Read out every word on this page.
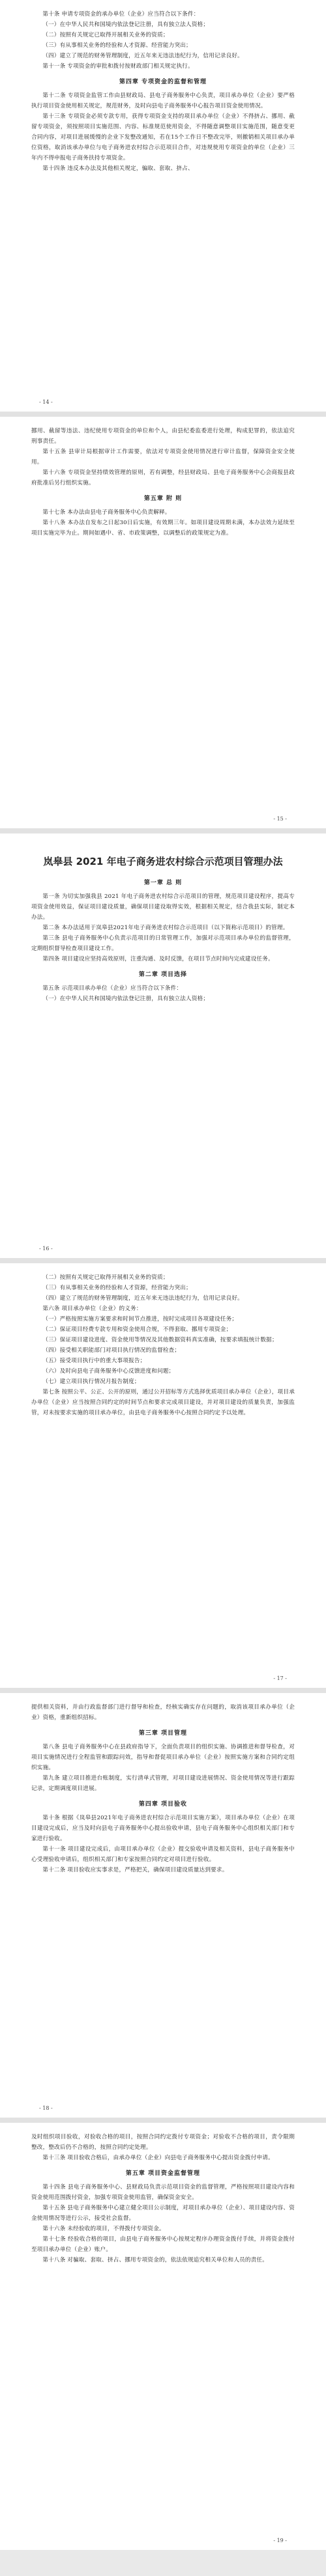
第十条 申请专项资金的承办单位（企业）应当符合以下条件：

（一）在中华人民共和国境内依法登记注册，具有独立法人资格；

（二）按照有关规定已取得开展相关业务的资质；

（三）有从事相关业务的经验和人才资源、经营能力突出；

（四）建立了规范的财务管理制度，近五年来无违法违纪行为，信用记录良好。

第十一条 专项资金的审批和拨付按财政部门相关规定执行。

第四章 专项资金的监督和管理

第十二条 专项资金监管工作由县财政局、县电子商务服务中心负责，项目承办单位（企业）要严格执行项目资金使用相关规定，规范财务，及时向县电子商务服务中心报告项目资金使用情况。

第十三条 专项资金必须专款专用，获得专项资金支持的项目承办单位（企业）不得挤占、挪用、截留专项资金，须按照项目实施范围、内容、标准规范使用资金，不得随意调整项目实施范围，随意变更合同内容，对项目进展缓慢的企业下发整改通知，若在15个工作日不整改完毕，则撤销相关项目承办单位资格，取消该承办单位与电子商务进农村综合示范项目合作，对违规使用专项资金的单位（企业）三年内不得申报电子商务扶持专项资金。

第十四条 违反本办法及其他相关规定，骗取、套取、挤占、

- 14 -

挪用、截留等违法、违纪使用专项资金的单位和个人，由县纪委监委进行处理，构成犯罪的，依法追究刑事责任。

第十五条 县审计局根据审计工作需要，依法对专项资金使用情况进行审计监督，保障资金安全使用。

第十六条 专项资金坚持绩效管理的原则，若有调整，经县财政局、县电子商务服务中心会商报县政府批准后另行组织实施。

第五章 附 则

第十七条 本办法由县电子商务服务中心负责解释。

第十八条 本办法自发布之日起30日后实施，有效期三年。如项目建设周期未满，本办法效力延续至项目实施完毕为止。期间如遇中、省、市政策调整，以调整后的政策规定为准。

- 15 -
岚皋县 2021 年电子商务进农村综合示范项目管理办法
第一章 总 则

第一条 为切实加强我县 2021 年电子商务进农村综合示范项目的管理，规范项目建设程序，提高专项资金使用效益，保证项目建设质量，确保项目建设取得实效，根据相关规定，结合我县实际，制定本办法。

第二条 本办法适用于岚皋县2021年电子商务进农村综合示范项目（以下简称示范项目）的管理。

第三条 县电子商务服务中心负责示范项目的日常管理工作，加强对示范项目承办单位的监督管理，定期组织督导检查项目建设工作。

第四条 项目建设应坚持高效原则，注重沟通、及时反馈，在项目节点时间内完成建设任务。

第二章 项目选择

第五条 示范项目承办单位（企业）应当符合以下条件：

（一）在中华人民共和国境内依法登记注册，具有独立法人资格；

- 16 -

（二）按照有关规定已取得开展相关业务的资质；

（三）有从事相关业务的经验和人才资源，经营能力突出；

（四）建立了规范的财务管理制度，近五年来无违法违纪行为，信用记录良好。

第六条 项目承办单位（企业）的义务：

（一）严格按照实施方案要求和时间节点推进，按时完成项目各项建设任务；

（二）保证项目经费专款专用和资金使用合规，不得套取、挪用专项资金；

（三）保证项目建设进度、资金使用等情况及其他数据资料真实准确，按要求填报统计数据；

（四）接受相关职能部门对项目执行情况的监督检查；

（五）接受项目执行中的重大事项报告；

（六）及时向县电子商务服务中心反馈进度和问题；

（七）建立项目执行情况月报告制度；

第七条 按照公平、公正、公开的原则，通过公开招标等方式选择优质项目承办单位（企业），项目承办单位（企业）应当按照合同约定的时间节点和要求完成项目建设，并对项目建设的质量负责，加强监管，对未按要求实施的项目承办单位，由县电子商务服务中心按照合同约定予以处理。

- 17 -

提供相关资料，并由行政监督部门进行督导和检查，经核实确实存在问题的，取消该项目承办单位（企业）资格，重新组织招标。

第三章 项目管理

第八条 县电子商务服务中心在县政府指导下，全面负责项目的组织实施、协调推进和督导检查，对项目实施情况进行全程监管和跟踪问效，指导和督促项目承办单位（企业）按照实施方案和合同约定组织实施。

第九条 建立项目推进台账制度，实行清单式管理，对项目建设进展情况、资金使用情况等进行跟踪记录，定期调度项目进展。

第四章 项目验收

第十条 根据《岚皋县2021年电子商务进农村综合示范项目实施方案》，项目承办单位（企业）在项目建设完成后，应当及时向县电子商务服务中心提出验收申请，县电子商务服务中心组织相关部门和专家进行验收。

第十一条 项目建设完成后，由项目承办单位（企业）提交验收申请及相关资料，县电子商务服务中心受理验收申请后，组织相关部门和专家按照合同约定对项目进行验收。

第十二条 项目验收应实事求是，严格把关，确保项目建设质量达到要求。

- 18 -

及时组织项目验收，对验收合格的项目，按照合同约定拨付专项资金；对验收不合格的项目，责令限期整改，整改后仍不合格的，按照合同约定处理。

第十三条 项目验收合格后，由承办单位（企业）向县电子商务服务中心提出资金拨付申请。

第五章 项目资金监督管理

第十四条 县电子商务服务中心、县财政局负责示范项目资金的监督管理，严格按照项目建设内容和资金使用范围拨付资金，加强专项资金使用监管，确保资金安全。

第十五条 县电子商务服务中心建立健全项目公示制度，对项目承办单位（企业）、项目建设内容、资金使用情况等进行公示，接受社会监督。

第十六条 未经验收的项目，不得拨付专项资金。

第十七条 经验收合格的项目，由县电子商务服务中心按规定程序办理资金拨付手续，并将资金拨付至项目承办单位（企业）账户。

第十八条 对骗取、套取、挤占、挪用专项资金的，依法依规追究相关单位和人员的责任。

- 19 -
